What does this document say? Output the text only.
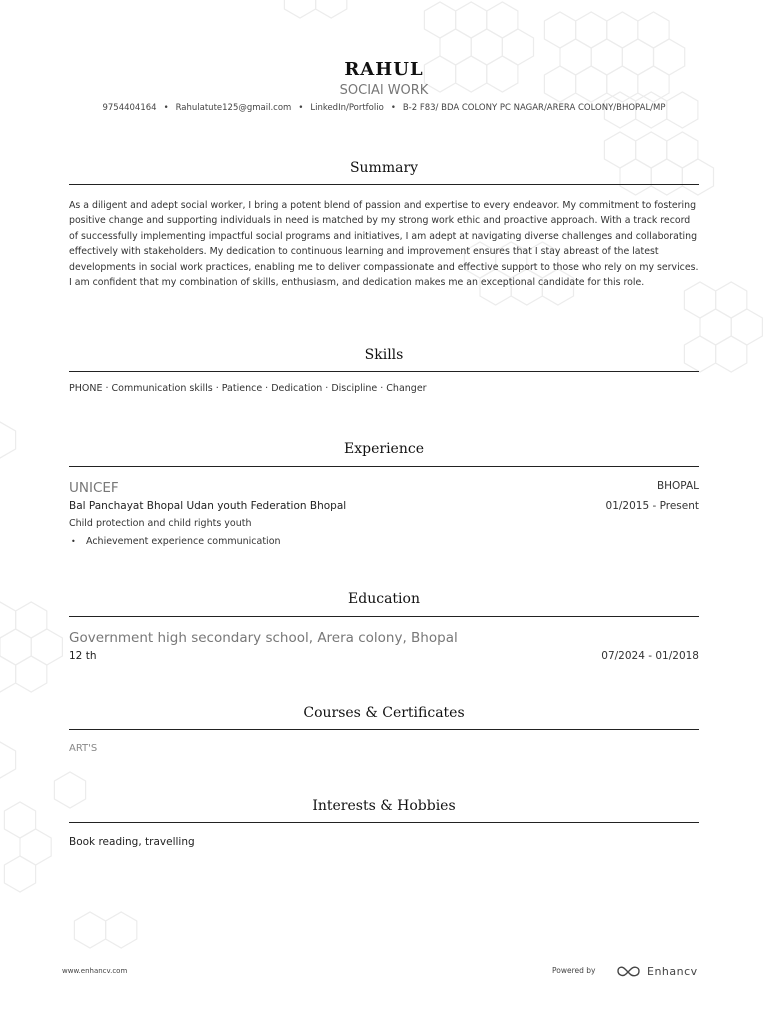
RAHUL
SOCIAl WORK
9754404164 • Rahulatute125@gmail.com • LinkedIn/Portfolio • B-2 F83/ BDA COLONY PC NAGAR/ARERA COLONY/BHOPAL/MP
Summary
As a diligent and adept social worker, I bring a potent blend of passion and expertise to every endeavor. My commitment to fostering positive change and supporting individuals in need is matched by my strong work ethic and proactive approach. With a track record of successfully implementing impactful social programs and initiatives, I am adept at navigating diverse challenges and collaborating effectively with stakeholders. My dedication to continuous learning and improvement ensures that I stay abreast of the latest developments in social work practices, enabling me to deliver compassionate and effective support to those who rely on my services. I am confident that my combination of skills, enthusiasm, and dedication makes me an exceptional candidate for this role.
Skills
PHONE · Communication skills · Patience · Dedication · Discipline · Changer
Experience
UNICEF	BHOPAL
Bal Panchayat Bhopal Udan youth Federation Bhopal	01/2015 - Present
Child protection and child rights youth
• Achievement experience communication
Education
Government high secondary school, Arera colony, Bhopal
12 th	07/2024 - 01/2018
Courses & Certificates
ART'S
Interests & Hobbies
Book reading, travelling
www.enhancv.com	Powered by	Enhancv
